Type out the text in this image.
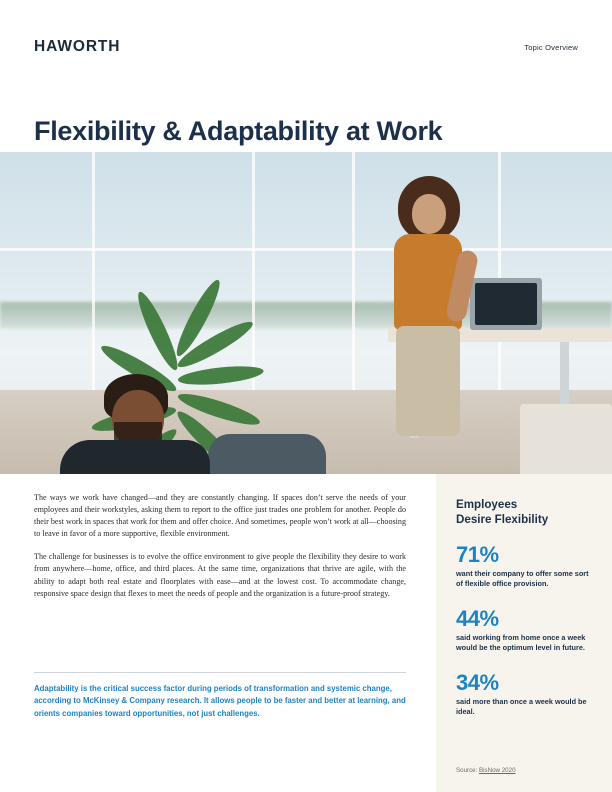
HAWORTH	Topic Overview
Flexibility & Adaptability at Work

The ways we work have changed—and they are constantly changing. If spaces don’t serve the needs of your employees and their workstyles, asking them to report to the office just trades one problem for another. People do their best work in spaces that work for them and offer choice. And sometimes, people won’t work at all—choosing to leave in favor of a more supportive, flexible environment.

The challenge for businesses is to evolve the office environment to give people the flexibility they desire to work from anywhere—home, office, and third places. At the same time, organizations that thrive are agile, with the ability to adapt both real estate and floorplates with ease—and at the lowest cost. To accommodate change, responsive space design that flexes to meet the needs of people and the organization is a future-proof strategy.

Adaptability is the critical success factor during periods of transformation and systemic change, according to McKinsey & Company research. It allows people to be faster and better at learning, and orients companies toward opportunities, not just challenges.
Employees
Desire Flexibility
71%
want their company to offer some sort of flexible office provision.
44%
said working from home once a week would be the optimum level in future.
34%
said more than once a week would be ideal.
Source: BisNow 2020
